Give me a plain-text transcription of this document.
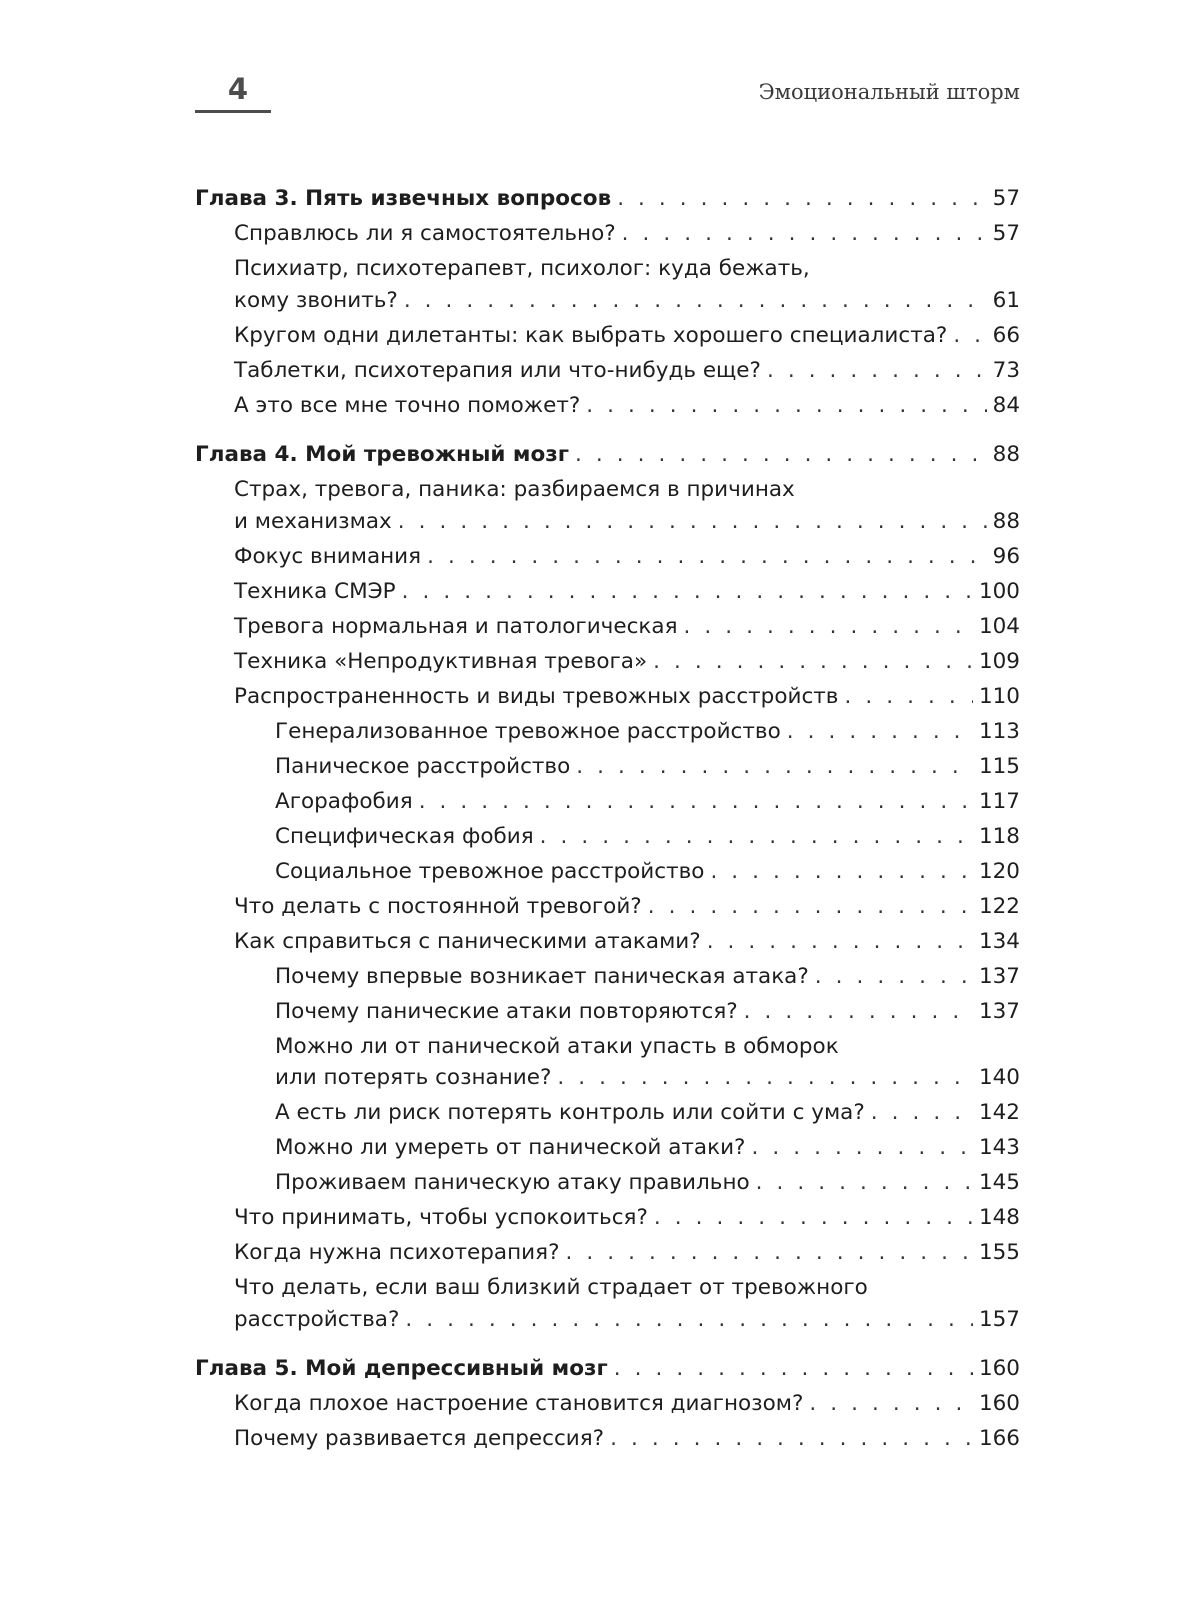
4	Эмоциональный шторм
Глава 3. Пять извечных вопросов . . .	57
Справлюсь ли я самостоятельно? . . .	57
Психиатр, психотерапевт, психолог: куда бежать,
кому звонить? . . .	61
Кругом одни дилетанты: как выбрать хорошего специалиста? . . . 66
Таблетки, психотерапия или что-нибудь еще? . . .	73
А это все мне точно поможет? . . .	84
Глава 4. Мой тревожный мозг . . .	88
Страх, тревога, паника: разбираемся в причинах
и механизмах . . .	88
Фокус внимания . . .	96
Техника СМЭР . . .	100
Тревога нормальная и патологическая . . .	104
Техника «Непродуктивная тревога» . . .	109
Распространенность и виды тревожных расстройств . . .	110
Генерализованное тревожное расстройство . . .	113
Паническое расстройство . . .	115
Агорафобия . . .	117
Специфическая фобия . . .	118
Социальное тревожное расстройство . . .	120
Что делать с постоянной тревогой? . . .	122
Как справиться с паническими атаками? . . .	134
Почему впервые возникает паническая атака? . . .	137
Почему панические атаки повторяются? . . .	137
Можно ли от панической атаки упасть в обморок
или потерять сознание? . . .	140
А есть ли риск потерять контроль или сойти с ума? . . .	142
Можно ли умереть от панической атаки? . . .	143
Проживаем паническую атаку правильно . . .	145
Что принимать, чтобы успокоиться? . . .	148
Когда нужна психотерапия? . . .	155
Что делать, если ваш близкий страдает от тревожного
расстройства? . . .	157
Глава 5. Мой депрессивный мозг . . .	160
Когда плохое настроение становится диагнозом? . . .	160
Почему развивается депрессия? . . .	166
